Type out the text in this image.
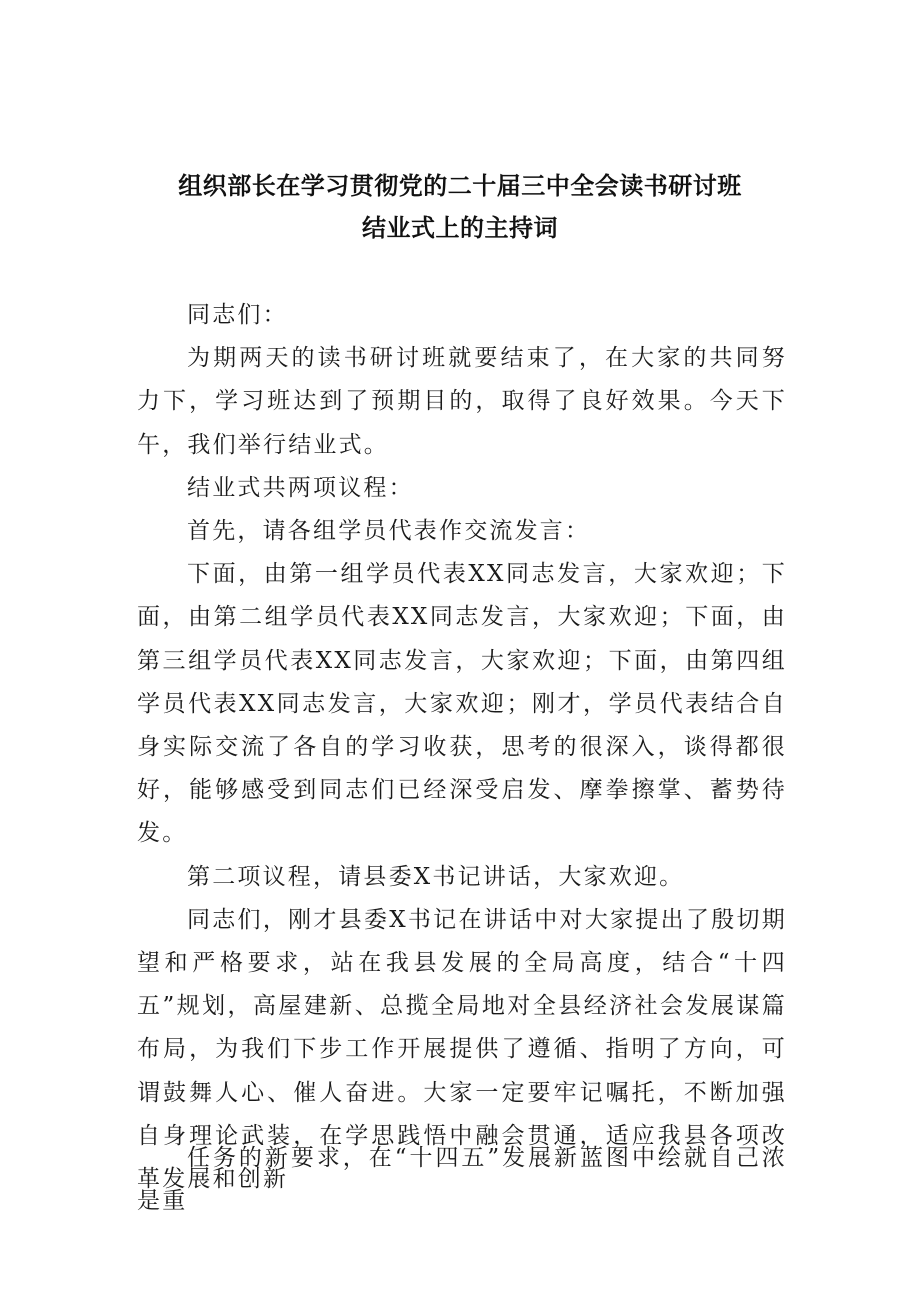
组织部长在学习贯彻党的二十届三中全会读书研讨班
结业式上的主持词

同志们：

为期两天的读书研讨班就要结束了，在大家的共同努力下，学习班达到了预期目的，取得了良好效果。今天下午，我们举行结业式。

结业式共两项议程：

首先，请各组学员代表作交流发言：

下面，由第一组学员代表XX同志发言，大家欢迎；下面，由第二组学员代表XX同志发言，大家欢迎；下面，由第三组学员代表XX同志发言，大家欢迎；下面，由第四组学员代表XX同志发言，大家欢迎；刚才，学员代表结合自身实际交流了各自的学习收获，思考的很深入，谈得都很好，能够感受到同志们已经深受启发、摩拳擦掌、蓄势待发。

第二项议程，请县委X书记讲话，大家欢迎。

同志们，刚才县委X书记在讲话中对大家提出了殷切期望和严格要求，站在我县发展的全局高度，结合“十四五”规划，高屋建新、总揽全局地对全县经济社会发展谋篇布局，为我们下步工作开展提供了遵循、指明了方向，可谓鼓舞人心、催人奋进。大家一定要牢记嘱托，不断加强自身理论武装，在学思践悟中融会贯通，适应我县各项改革发展和创新

任务的新要求，在“十四五”发展新蓝图中绘就自己浓是重
